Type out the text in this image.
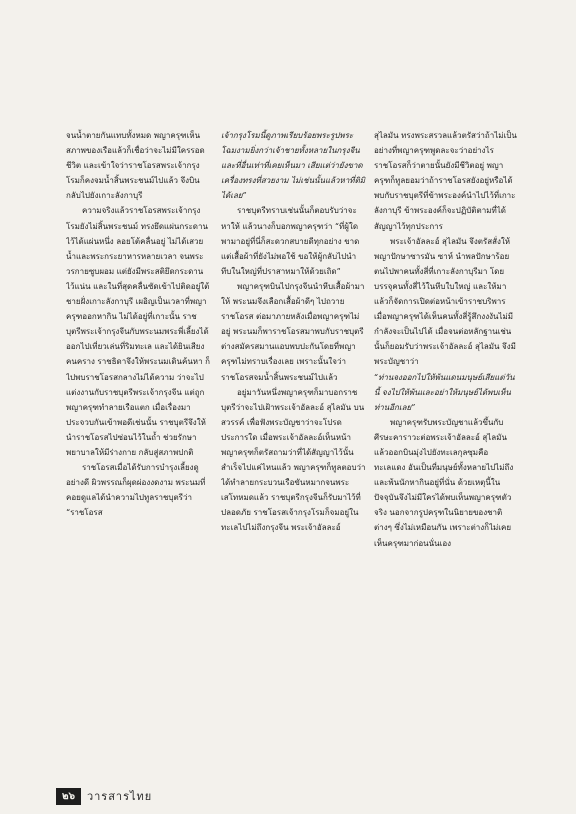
จนน้ำตายกันแทบทั้งหมด พญาครุฑเห็นสภาพของเรือแล้วก็เชื่อว่าจะไม่มีใครรอดชีวิต และเข้าใจว่าราชโอรสพระเจ้ากรุงโรมก็คงจมน้ำสิ้นพระชนม์ไปแล้ว จึงบินกลับไปยังเกาะลังกาบุรี

ความจริงแล้วราชโอรสพระเจ้ากรุงโรมยังไม่สิ้นพระชนม์ ทรงยึดแผ่นกระดานไว้ได้แผ่นหนึ่ง ลอยโต้คลื่นอยู่ ไม่ได้เสวยน้ำและพระกระยาหารหลายเวลา จนพระวรกายซูบผอม แต่ยังมีพระสติยึดกระดานไว้แน่น และในที่สุดคลื่นซัดเข้าไปติดอยู่ใต้ชายฝั่งเกาะลังกาบุรี เผอิญเป็นเวลาที่พญาครุฑออกหากิน ไม่ได้อยู่ที่เกาะนั้น ราชบุตรีพระเจ้ากรุงจีนกับพระนมพระพี่เลี้ยงได้ออกไปเที่ยวเล่นที่ริมทะเล และได้ยินเสียงคนคราง ราชธิดาจึงให้พระนมเดินค้นหา ก็ไปพบราชโอรสกลางไม่ได้ความ ว่าจะไปแต่งงานกับราชบุตรีพระเจ้ากรุงจีน แต่ถูกพญาครุฑทำลายเรือแตก เมื่อเรื่องมาประจวบกันเข้าพอดีเช่นนั้น ราชบุตรีจึงให้นำราชโอรสไปซ่อนไว้ในถ้ำ ช่วยรักษาพยาบาลให้มีร่างกาย กลับสู่สภาพปกติ

ราชโอรสเมื่อได้รับการบำรุงเลี้ยงดูอย่างดี ผิวพรรณก็ผุดผ่องงดงาม พระนมที่คอยดูแลได้นำความไปทูลราชบุตรีว่า “ราชโอรส

เจ้ากรุงโรมนี้ดูภาพเรียบร้อยพระรูปพระโฉมงามยิ่งกว่าเจ้าชายทั้งหลายในกรุงจีนและที่อื่นเท่าที่เคยเห็นมา เสียแต่ว่ายังขาดเครื่องทรงที่สวยงาม ไม่เช่นนั้นแล้วหาที่ติมิได้เลย”

ราชบุตรีทราบเช่นนั้นก็ตอบรับว่าจะหาให้ แล้วนางก็บอกพญาครุฑว่า “ที่ผู้ใดพามาอยู่ที่นี่ก็สะดวกสบายดีทุกอย่าง ขาดแต่เสื้อผ้าที่ยังไม่พอใช้ ขอให้ผู้กลับไปนำทีบในใหญ่ที่ปราสาทมาให้ด้วยเถิด”

พญาครุฑบินไปกรุงจีนนำหีบเสื้อผ้ามาให้ พระนมจึงเลือกเสื้อผ้าดีๆ ไปถวายราชโอรส ต่อมาภายหลังเมื่อพญาครุฑไม่อยู่ พระนมก็พาราชโอรสมาพบกับราชบุตรีต่างสมัครสมานแอบพบปะกันโดยที่พญาครุฑไม่ทราบเรื่องเลย เพราะนั้นใจว่าราชโอรสจมน้ำสิ้นพระชนม์ไปแล้ว

อยู่มาวันหนึ่งพญาครุฑก็มาบอกราชบุตรีว่าจะไปเฝ้าพระเจ้าอัลละอ์ สุไลมัน บนสวรรค์ เพื่อฟังพระบัญชาว่าจะโปรดประการใด เมื่อพระเจ้าอัลละอ์เห็นหน้าพญาครุฑก็ตรัสถามว่าที่ได้สัญญาไว้นั้นสำเร็จไปแค่ไหนแล้ว พญาครุฑก็ทูลตอบว่าได้ทำลายกระบวนเรือขันหมากจนพระเสโทหมดแล้ว ราชบุตรีกรุงจีนก็รับมาไว้ที่ปลอดภัย ราชโอรสเจ้ากรุงโรมก็จมอยู่ในทะเลไปไม่ถึงกรุงจีน พระเจ้าอัลละอ์

สุไลมัน ทรงพระสรวลแล้วตรัสว่าถ้าไม่เป็นอย่างที่พญาครุฑพูดละจะว่าอย่างไร ราชโอรสก็ว่าตายนั้นยังมีชีวิตอยู่ พญาครุฑก็ทูลยอมว่าถ้าราชโอรสยังอยู่หรือได้พบกับราชบุตรีที่ข้าพระองค์นำไปไว้ที่เกาะลังกาบุรี ข้าพระองค์ก็จะปฏิบัติตามที่ได้สัญญาไว้ทุกประการ

พระเจ้าอัลละอ์ สุไลมัน จึงตรัสสั่งให้พญาปักษาซารมัน ซาห์ นำพลปักษาร้อยตนไปพาคนทั้งสี่ที่เกาะลังกาบุรีมา โดยบรรจุคนทั้งสี่ไว้ในหีบใบใหญ่ และให้มาแล้วก็จัดการเปิดต่อหน้าเข้าราชบริพาร เมื่อพญาครุฑได้เห็นคนทั้งสี่รู้สึกงงงันไม่มีกำลังจะเป็นไปได้ เมื่อจนต่อหลักฐานเช่นนั้นก็ยอมรับว่าพระเจ้าอัลละอ์ สุไลมัน จึงมีพระบัญชาว่า

“ท่านจงออกไปให้พ้นแดนมนุษย์เสียแต่วันนี้ จงไปให้พ้นและอย่าให้มนุษย์ได้พบเห็นท่านอีกเลย”

พญาครุฑรับพระบัญชาแล้วขึ้นกับศีรษะคาราวะต่อพระเจ้าอัลละอ์ สุไลมัน แล้วออกบินมุ่งไปยังทะเลกุลซุมคือทะเลแดง อันเป็นที่มนุษย์ทั้งหลายไปไม่ถึง และพ้นนักหากินอยู่ที่นั่น ด้วยเหตุนี้ในปัจจุบันจึงไม่มีใครได้พบเห็นพญาครุฑตัวจริง นอกจากรูปครุฑในนิยายของชาติต่างๆ ซึ่งไม่เหมือนกัน เพราะต่างก็ไม่เคยเห็นครุฑมาก่อนนั่นเอง

๒๖	วารสารไทย
